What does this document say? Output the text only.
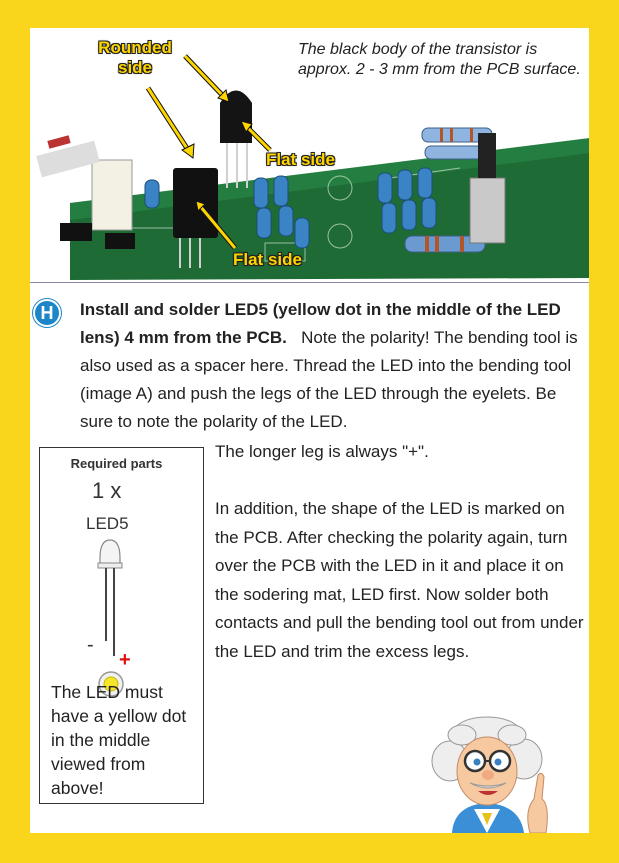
The black body of the transistor is approx. 2 - 3 mm from the PCB surface.
Rounded side
Flat side
Flat side
H	Install and solder LED5 (yellow dot in the middle of the LED lens) 4 mm from the PCB. Note the polarity! The bending tool is also used as a spacer here. Thread the LED into the bending tool (image A) and push the legs of the LED through the eyelets. Be sure to note the polarity of the LED.
The longer leg is always "+".
In addition, the shape of the LED is marked on the PCB. After checking the polarity again, turn over the PCB with the LED in it and place it on the sodering mat, LED first. Now solder both contacts and pull the bending tool out from under the LED and trim the excess legs.
Required parts
1 x
LED5
-
+
The LED must have a yellow dot in the middle viewed from above!
